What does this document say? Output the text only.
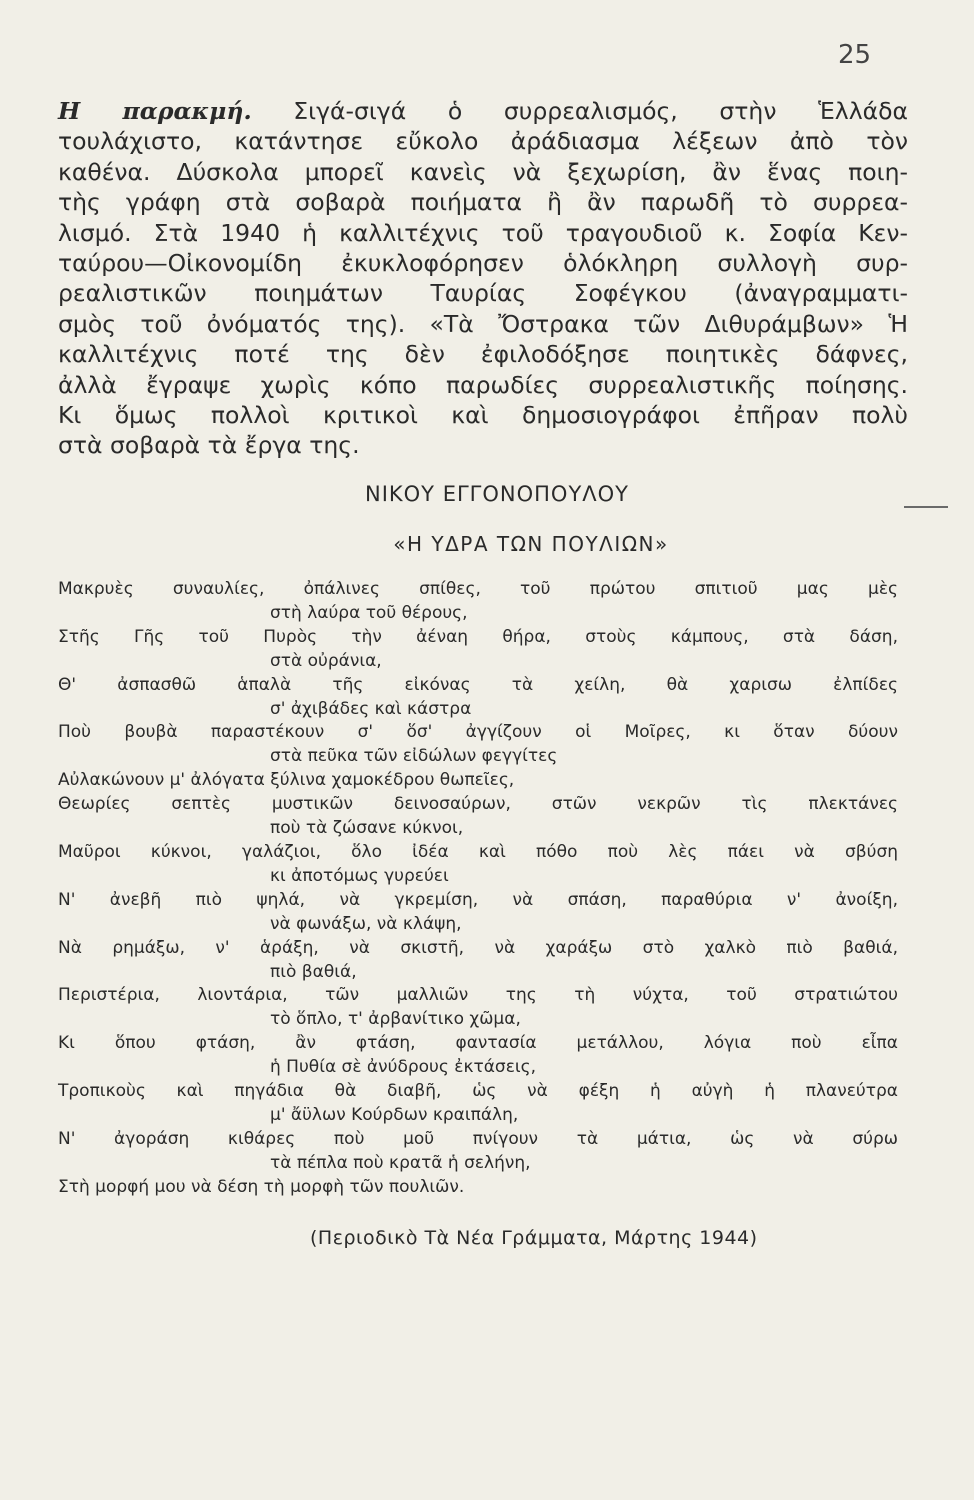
25

Η παρακμή. Σιγά-σιγά ὁ συρρεαλισμός, στὴν Ἑλλάδα
τουλάχιστο, κατάντησε εὔκολο ἀράδιασμα λέξεων ἀπὸ τὸν
καθένα. Δύσκολα μπορεῖ κανεὶς νὰ ξεχωρίση, ἂν ἕνας ποιη-
τὴς γράφη στὰ σοβαρὰ ποιήματα ἢ ἂν παρωδῆ τὸ συρρεα-
λισμό. Στὰ 1940 ἡ καλλιτέχνις τοῦ τραγουδιοῦ κ. Σοφία Κεν-
ταύρου—Οἰκονομίδη ἐκυκλοφόρησεν ὁλόκληρη συλλογὴ συρ-
ρεαλιστικῶν ποιημάτων Ταυρίας Σοφέγκου (ἀναγραμματι-
σμὸς τοῦ ὀνόματός της). «Τὰ Ὄστρακα τῶν Διθυράμβων» Ἡ
καλλιτέχνις ποτέ της δὲν ἐφιλοδόξησε ποιητικὲς δάφνες,
ἀλλὰ ἔγραψε χωρὶς κόπο παρωδίες συρρεαλιστικῆς ποίησης.
Κι ὅμως πολλοὶ κριτικοὶ καὶ δημοσιογράφοι ἐπῆραν πολὺ
στὰ σοβαρὰ τὰ ἔργα της.

ΝΙΚΟΥ ΕΓΓΟΝΟΠΟΥΛΟΥ
«Η ΥΔΡΑ ΤΩΝ ΠΟΥΛΙΩΝ»
Μακρυὲς συναυλίες, ὀπάλινες σπίθες, τοῦ πρώτου σπιτιοῦ μας μὲς
στὴ λαύρα τοῦ θέρους,
Στῆς Γῆς τοῦ Πυρὸς τὴν ἀέναη θήρα, στοὺς κάμπους, στὰ δάση,
στὰ οὐράνια,
Θ' ἀσπασθῶ ἁπαλὰ τῆς εἰκόνας τὰ χείλη, θὰ χαρισω ἐλπίδες
σ' ἀχιβάδες καὶ κάστρα
Ποὺ βουβὰ παραστέκουν σ' ὅσ' ἀγγίζουν οἱ Μοῖρες, κι ὅταν δύουν
στὰ πεῦκα τῶν εἰδώλων φεγγίτες
Αὐλακώνουν μ' ἀλόγατα ξύλινα χαμοκέδρου θωπεῖες,
Θεωρίες σεπτὲς μυστικῶν δεινοσαύρων, στῶν νεκρῶν τὶς πλεκτάνες
ποὺ τὰ ζώσανε κύκνοι,
Μαῦροι κύκνοι, γαλάζιοι, ὅλο ἰδέα καὶ πόθο ποὺ λὲς πάει νὰ σβύση
κι ἀποτόμως γυρεύει
Ν' ἀνεβῆ πιὸ ψηλά, νὰ γκρεμίση, νὰ σπάση, παραθύρια ν' ἀνοίξη,
νὰ φωνάξω, νὰ κλάψη,
Νὰ ρημάξω, ν' ἁράξη, νὰ σκιστῆ, νὰ χαράξω στὸ χαλκὸ πιὸ βαθιά,
πιὸ βαθιά,
Περιστέρια, λιοντάρια, τῶν μαλλιῶν της τὴ νύχτα, τοῦ στρατιώτου
τὸ ὅπλο, τ' ἀρβανίτικο χῶμα,
Κι ὅπου φτάση, ἂν φτάση, φαντασία μετάλλου, λόγια ποὺ εἶπα
ἡ Πυθία σὲ ἀνύδρους ἐκτάσεις,
Τροπικοὺς καὶ πηγάδια θὰ διαβῆ, ὡς νὰ φέξη ἡ αὐγὴ ἡ πλανεύτρα
μ' ἄϋλων Κούρδων κραιπάλη,
Ν' ἀγοράση κιθάρες ποὺ μοῦ πνίγουν τὰ μάτια, ὡς νὰ σύρω
τὰ πέπλα ποὺ κρατᾶ ἡ σελήνη,
Στὴ μορφή μου νὰ δέση τὴ μορφὴ τῶν πουλιῶν.
(Περιοδικὸ Τὰ Νέα Γράμματα, Μάρτης 1944)
